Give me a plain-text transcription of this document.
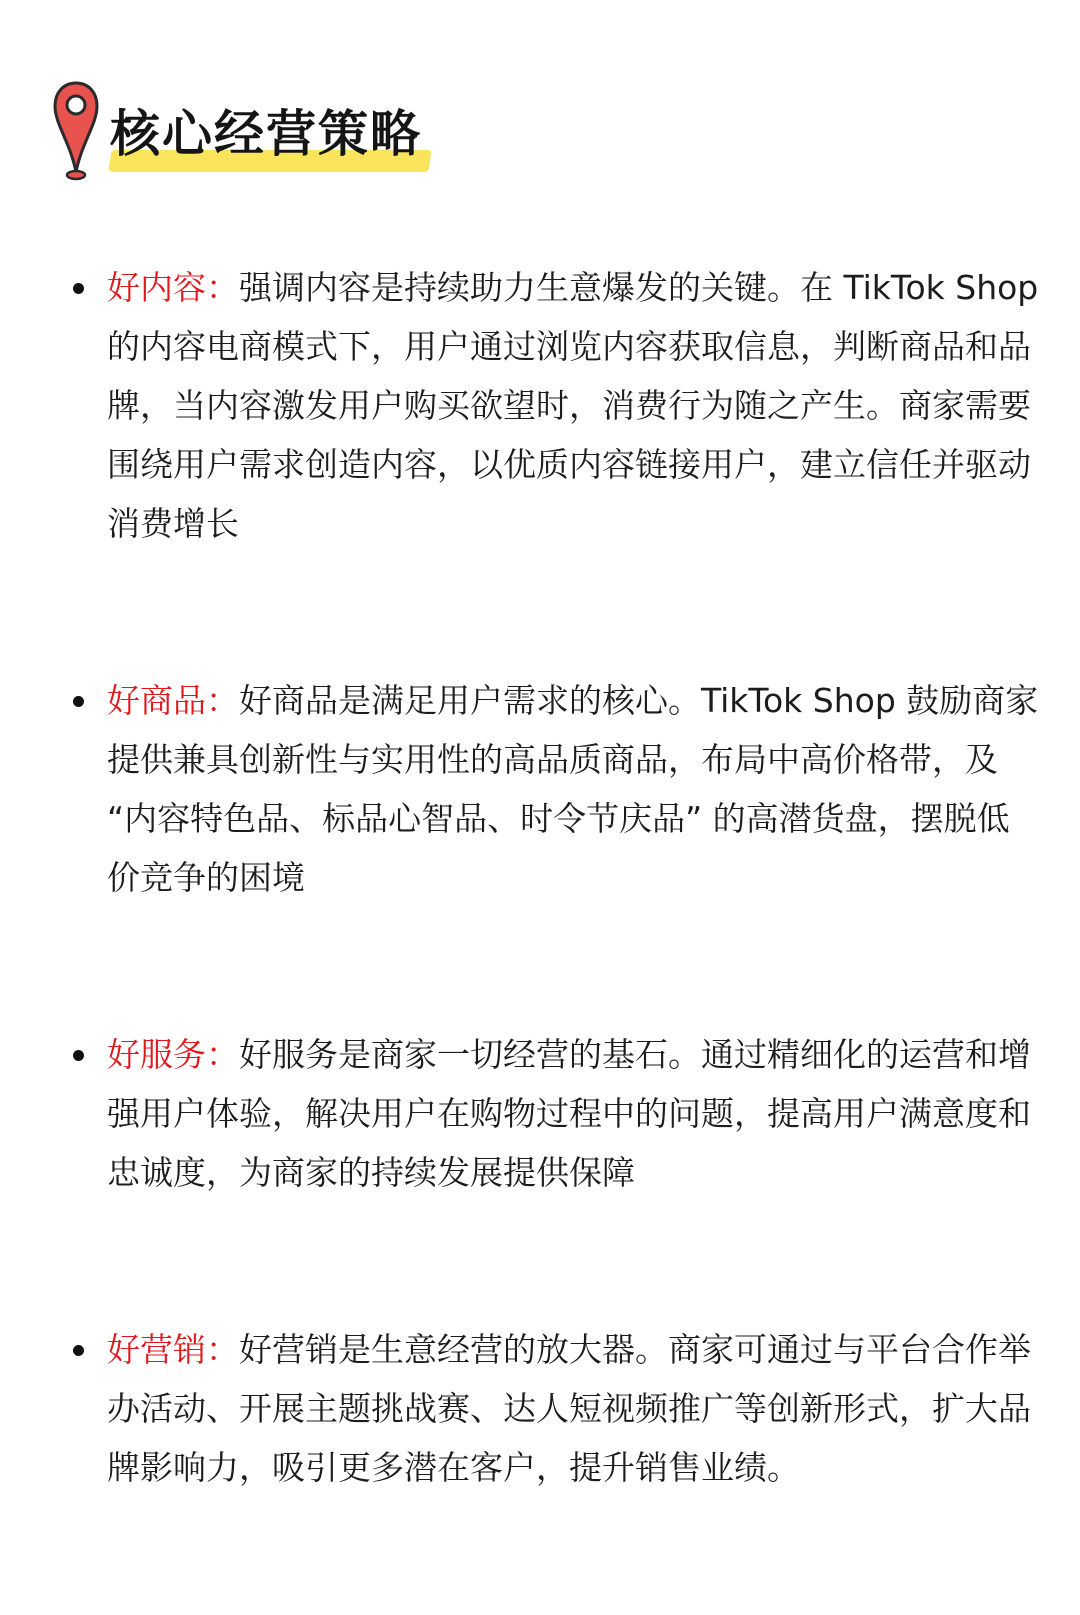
核心经营策略
好内容：强调内容是持续助力生意爆发的关键。在 TikTok Shop 的内容电商模式下，用户通过浏览内容获取信息，判断商品和品牌，当内容激发用户购买欲望时，消费行为随之产生。商家需要围绕用户需求创造内容，以优质内容链接用户，建立信任并驱动消费增长
好商品：好商品是满足用户需求的核心。TikTok Shop 鼓励商家提供兼具创新性与实用性的高品质商品，布局中高价格带，及 “内容特色品、标品心智品、时令节庆品” 的高潜货盘，摆脱低价竞争的困境
好服务：好服务是商家一切经营的基石。通过精细化的运营和增强用户体验，解决用户在购物过程中的问题，提高用户满意度和忠诚度，为商家的持续发展提供保障
好营销：好营销是生意经营的放大器。商家可通过与平台合作举办活动、开展主题挑战赛、达人短视频推广等创新形式，扩大品牌影响力，吸引更多潜在客户，提升销售业绩。
